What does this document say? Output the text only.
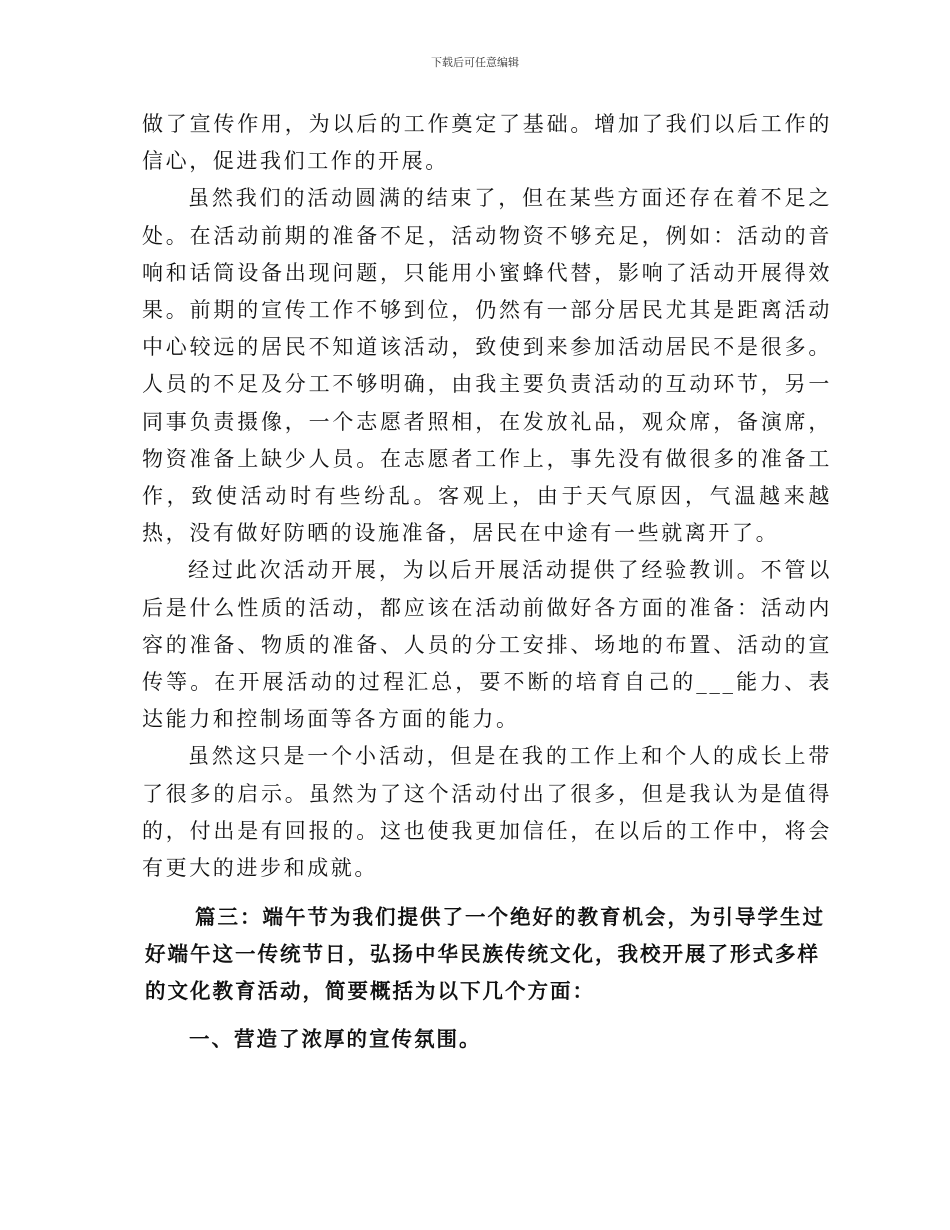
下载后可任意编辑

做了宣传作用，为以后的工作奠定了基础。增加了我们以后工作的信心，促进我们工作的开展。

虽然我们的活动圆满的结束了，但在某些方面还存在着不足之处。在活动前期的准备不足，活动物资不够充足，例如：活动的音响和话筒设备出现问题，只能用小蜜蜂代替，影响了活动开展得效果。前期的宣传工作不够到位，仍然有一部分居民尤其是距离活动中心较远的居民不知道该活动，致使到来参加活动居民不是很多。人员的不足及分工不够明确，由我主要负责活动的互动环节，另一同事负责摄像，一个志愿者照相，在发放礼品，观众席，备演席，物资准备上缺少人员。在志愿者工作上，事先没有做很多的准备工作，致使活动时有些纷乱。客观上，由于天气原因，气温越来越热，没有做好防晒的设施准备，居民在中途有一些就离开了。

经过此次活动开展，为以后开展活动提供了经验教训。不管以后是什么性质的活动，都应该在活动前做好各方面的准备：活动内容的准备、物质的准备、人员的分工安排、场地的布置、活动的宣传等。在开展活动的过程汇总，要不断的培育自己的___能力、表达能力和控制场面等各方面的能力。

虽然这只是一个小活动，但是在我的工作上和个人的成长上带了很多的启示。虽然为了这个活动付出了很多，但是我认为是值得的，付出是有回报的。这也使我更加信任，在以后的工作中，将会有更大的进步和成就。

篇三：端午节为我们提供了一个绝好的教育机会，为引导学生过好端午这一传统节日，弘扬中华民族传统文化，我校开展了形式多样的文化教育活动，简要概括为以下几个方面：

一、营造了浓厚的宣传氛围。
